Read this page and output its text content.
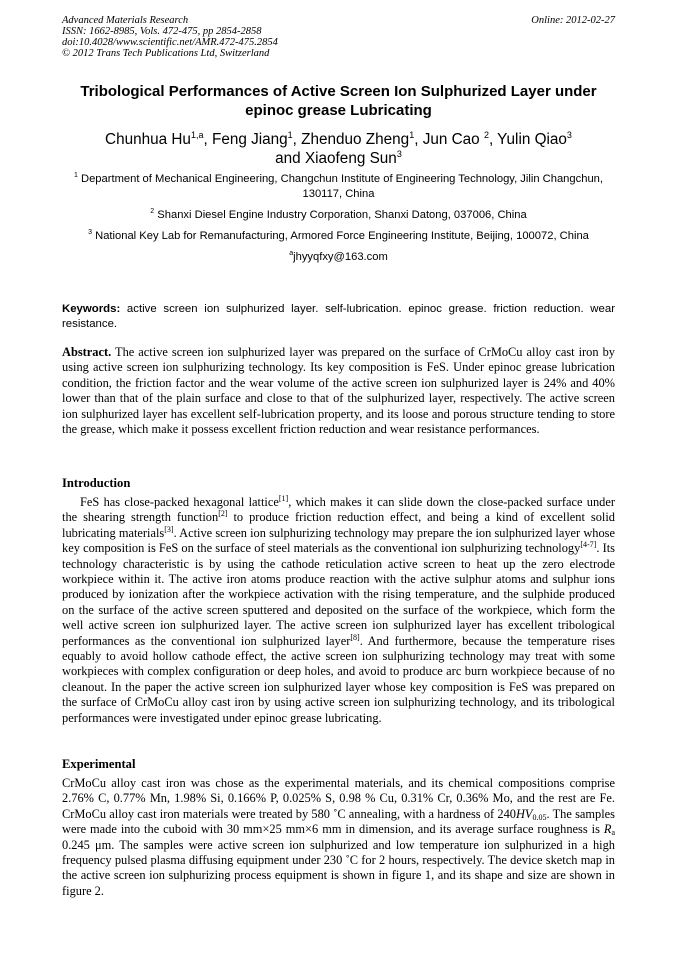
Advanced Materials Research
ISSN: 1662-8985, Vols. 472-475, pp 2854-2858
doi:10.4028/www.scientific.net/AMR.472-475.2854
© 2012 Trans Tech Publications Ltd, Switzerland
Online: 2012-02-27
Tribological Performances of Active Screen Ion Sulphurized Layer under epinoc grease Lubricating
Chunhua Hu$^{1,a}$, Feng Jiang$^1$, Zhenduo Zheng$^1$, Jun Cao $^2$, Yulin Qiao$^3$
and Xiaofeng Sun$^3$
$^1$ Department of Mechanical Engineering, Changchun Institute of Engineering Technology, Jilin Changchun, 130117, China
$^2$ Shanxi Diesel Engine Industry Corporation, Shanxi Datong, 037006, China
$^3$ National Key Lab for Remanufacturing, Armored Force Engineering Institute, Beijing, 100072, China
$^a$jhyyqfxy@163.com
Keywords: active screen ion sulphurized layer. self-lubrication. epinoc grease. friction reduction. wear resistance.
Abstract. The active screen ion sulphurized layer was prepared on the surface of CrMoCu alloy cast iron by using active screen ion sulphurizing technology. Its key composition is FeS. Under epinoc grease lubrication condition, the friction factor and the wear volume of the active screen ion sulphurized layer is 24% and 40% lower than that of the plain surface and close to that of the sulphurized layer, respectively. The active screen ion sulphurized layer has excellent self-lubrication property, and its loose and porous structure tending to store the grease, which make it possess excellent friction reduction and wear resistance performances.
Introduction
FeS has close-packed hexagonal lattice[1], which makes it can slide down the close-packed surface under the shearing strength function[2] to produce friction reduction effect, and being a kind of excellent solid lubricating materials[3]. Active screen ion sulphurizing technology may prepare the ion sulphurized layer whose key composition is FeS on the surface of steel materials as the conventional ion sulphurizing technology[4-7]. Its technology characteristic is by using the cathode reticulation active screen to heat up the zero electrode workpiece within it. The active iron atoms produce reaction with the active sulphur atoms and sulphur ions produced by ionization after the workpiece activation with the rising temperature, and the sulphide produced on the surface of the active screen sputtered and deposited on the surface of the workpiece, which form the well active screen ion sulphurized layer. The active screen ion sulphurized layer has excellent tribological performances as the conventional ion sulphurized layer[8]. And furthermore, because the temperature rises equably to avoid hollow cathode effect, the active screen ion sulphurizing technology may treat with some workpieces with complex configuration or deep holes, and avoid to produce arc burn workpiece because of no cleanout. In the paper the active screen ion sulphurized layer whose key composition is FeS was prepared on the surface of CrMoCu alloy cast iron by using active screen ion sulphurizing technology, and its tribological performances were investigated under epinoc grease lubricating.
Experimental
CrMoCu alloy cast iron was chose as the experimental materials, and its chemical compositions comprise 2.76% C, 0.77% Mn, 1.98% Si, 0.166% P, 0.025% S, 0.98 % Cu, 0.31% Cr, 0.36% Mo, and the rest are Fe. CrMoCu alloy cast iron materials were treated by 580 ˚C annealing, with a hardness of $240HV_{0.05}$. The samples were made into the cuboid with 30 mm×25 mm×6 mm in dimension, and its average surface roughness is $R_a$ 0.245 μm. The samples were active screen ion sulphurized and low temperature ion sulphurized in a high frequency pulsed plasma diffusing equipment under 230 ˚C for 2 hours, respectively. The device sketch map in the active screen ion sulphurizing process equipment is shown in figure 1, and its shape and size are shown in figure 2.
